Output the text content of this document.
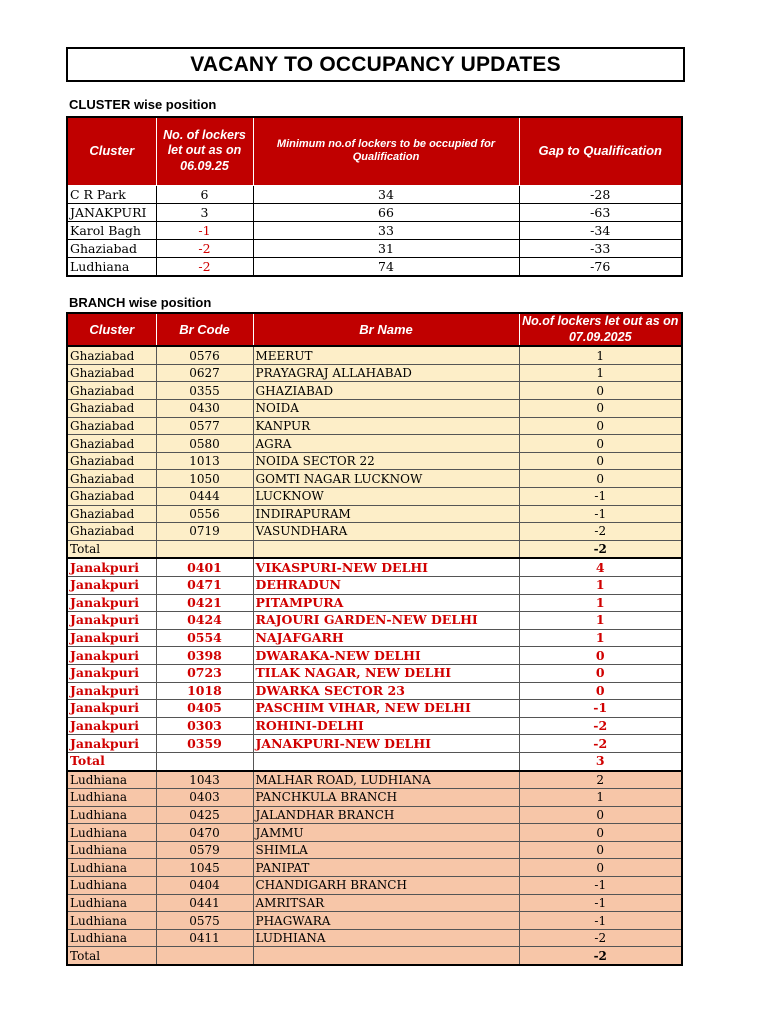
VACANY TO OCCUPANCY UPDATES
CLUSTER wise position
Cluster	No. of lockers let out as on 06.09.25	Minimum no.of lockers to be occupied for Qualification	Gap to Qualification
C R Park	6	34	-28
JANAKPURI	3	66	-63
Karol Bagh	-1	33	-34
Ghaziabad	-2	31	-33
Ludhiana	-2	74	-76
BRANCH wise position
Cluster	Br Code	Br Name	No.of lockers let out as on 07.09.2025
Ghaziabad	0576	MEERUT	1
Ghaziabad	0627	PRAYAGRAJ ALLAHABAD	1
Ghaziabad	0355	GHAZIABAD	0
Ghaziabad	0430	NOIDA	0
Ghaziabad	0577	KANPUR	0
Ghaziabad	0580	AGRA	0
Ghaziabad	1013	NOIDA SECTOR 22	0
Ghaziabad	1050	GOMTI NAGAR LUCKNOW	0
Ghaziabad	0444	LUCKNOW	-1
Ghaziabad	0556	INDIRAPURAM	-1
Ghaziabad	0719	VASUNDHARA	-2
Total			-2
Janakpuri	0401	VIKASPURI-NEW DELHI	4
Janakpuri	0471	DEHRADUN	1
Janakpuri	0421	PITAMPURA	1
Janakpuri	0424	RAJOURI GARDEN-NEW DELHI	1
Janakpuri	0554	NAJAFGARH	1
Janakpuri	0398	DWARAKA-NEW DELHI	0
Janakpuri	0723	TILAK NAGAR, NEW DELHI	0
Janakpuri	1018	DWARKA SECTOR 23	0
Janakpuri	0405	PASCHIM VIHAR, NEW DELHI	-1
Janakpuri	0303	ROHINI-DELHI	-2
Janakpuri	0359	JANAKPURI-NEW DELHI	-2
Total			3
Ludhiana	1043	MALHAR ROAD, LUDHIANA	2
Ludhiana	0403	PANCHKULA BRANCH	1
Ludhiana	0425	JALANDHAR BRANCH	0
Ludhiana	0470	JAMMU	0
Ludhiana	0579	SHIMLA	0
Ludhiana	1045	PANIPAT	0
Ludhiana	0404	CHANDIGARH BRANCH	-1
Ludhiana	0441	AMRITSAR	-1
Ludhiana	0575	PHAGWARA	-1
Ludhiana	0411	LUDHIANA	-2
Total			-2
